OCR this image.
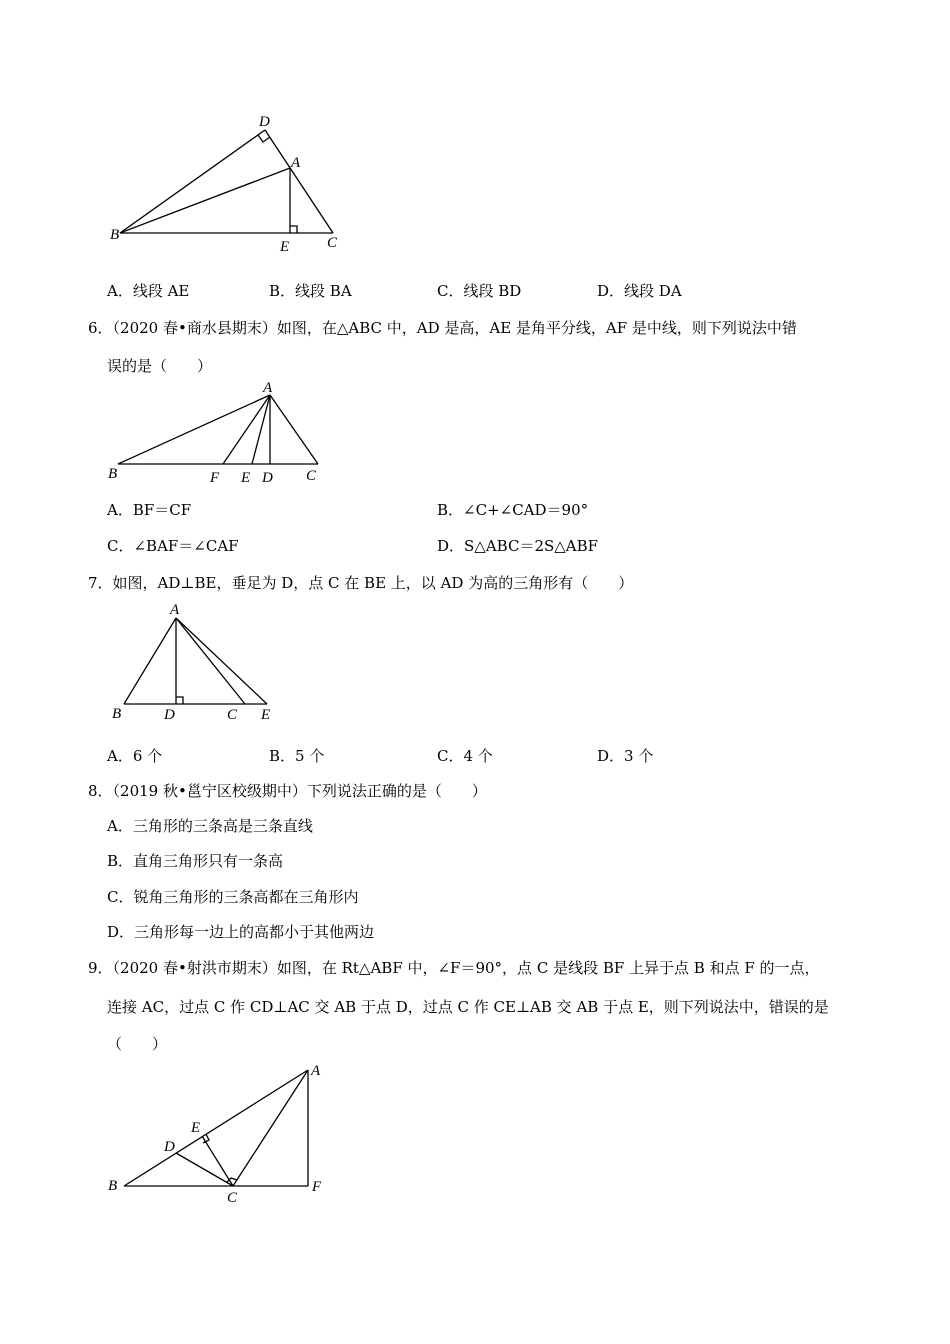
D
A
B
E	C
A．线段 AE	B．线段 BA	C．线段 BD	D．线段 DA
6．（2020 春•商水县期末）如图，在△ABC 中，AD 是高，AE 是角平分线，AF 是中线，则下列说法中错
误的是（　　）
A
B	F E D C
A．BF＝CF	B．∠C+∠CAD＝90°
C．∠BAF＝∠CAF	D．S△ABC＝2S△ABF
7．如图，AD⊥BE，垂足为 D，点 C 在 BE 上，以 AD 为高的三角形有（　　）
A
B	D	C E
A．6 个	B．5 个	C．4 个	D．3 个
8．（2019 秋•邕宁区校级期中）下列说法正确的是（　　）
A．三角形的三条高是三条直线
B．直角三角形只有一条高
C．锐角三角形的三条高都在三角形内
D．三角形每一边上的高都小于其他两边
9．（2020 春•射洪市期末）如图，在 Rt△ABF 中，∠F＝90°，点 C 是线段 BF 上异于点 B 和点 F 的一点，
连接 AC，过点 C 作 CD⊥AC 交 AB 于点 D，过点 C 作 CE⊥AB 交 AB 于点 E，则下列说法中，错误的是
（　　）
A
E
D
B
C
F
